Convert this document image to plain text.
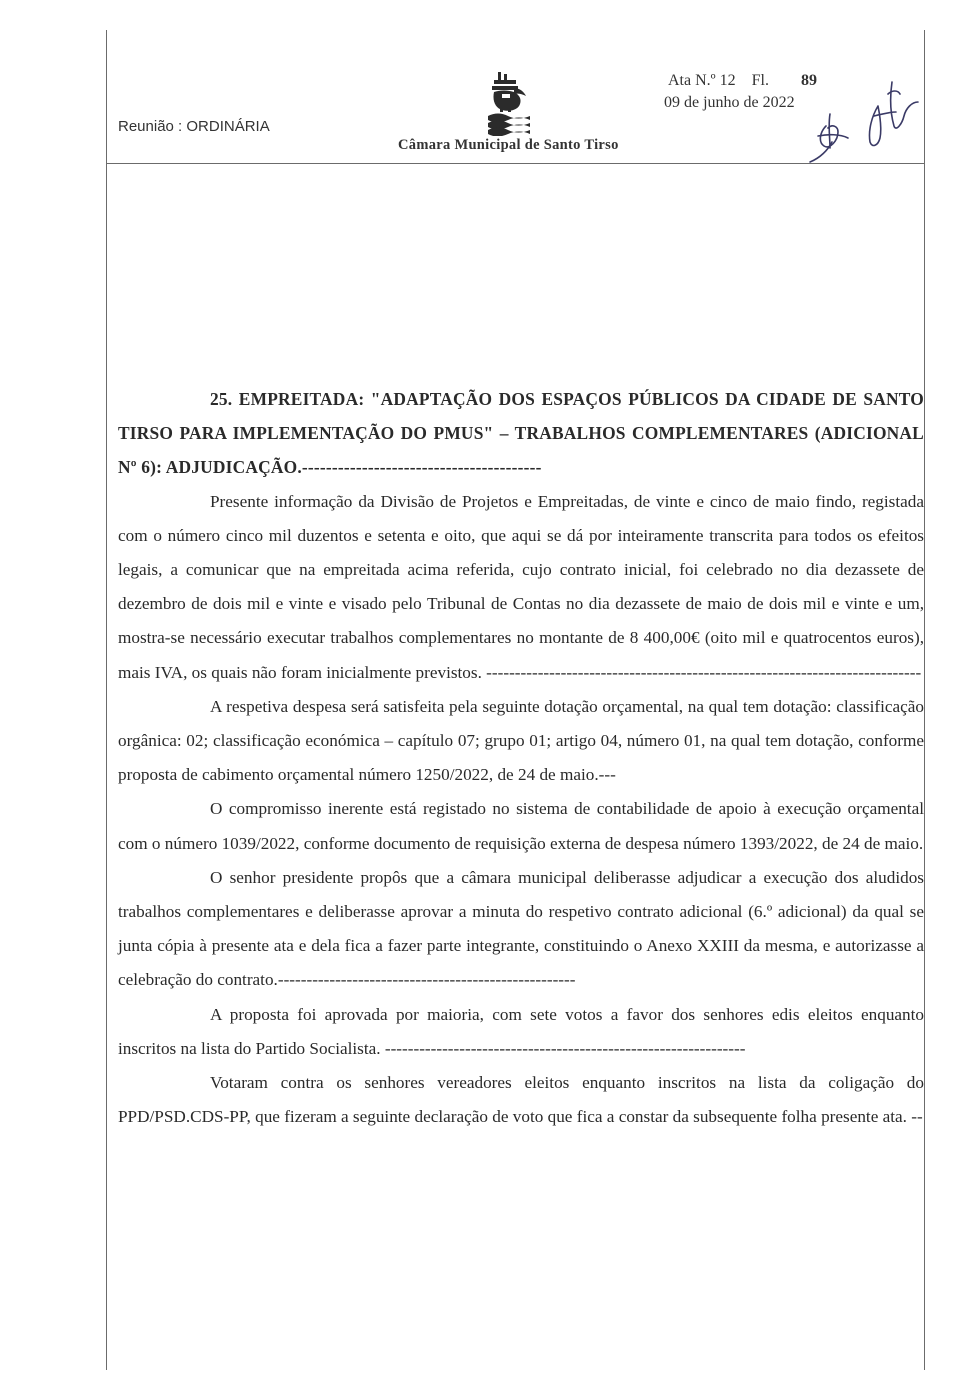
Reunião : ORDINÁRIA
Câmara Municipal de Santo Tirso
Ata N.º 12 Fl. 89
09 de junho de 2022

25. EMPREITADA: "ADAPTAÇÃO DOS ESPAÇOS PÚBLICOS DA CIDADE DE SANTO TIRSO PARA IMPLEMENTAÇÃO DO PMUS" – TRABALHOS COMPLEMENTARES (ADICIONAL Nº 6): ADJUDICAÇÃO.----------------------------------------

Presente informação da Divisão de Projetos e Empreitadas, de vinte e cinco de maio findo, registada com o número cinco mil duzentos e setenta e oito, que aqui se dá por inteiramente transcrita para todos os efeitos legais, a comunicar que na empreitada acima referida, cujo contrato inicial, foi celebrado no dia dezassete de dezembro de dois mil e vinte e visado pelo Tribunal de Contas no dia dezassete de maio de dois mil e vinte e um, mostra-se necessário executar trabalhos complementares no montante de 8 400,00€ (oito mil e quatrocentos euros), mais IVA, os quais não foram inicialmente previstos. ----------------------------------------------------------------------------

A respetiva despesa será satisfeita pela seguinte dotação orçamental, na qual tem dotação: classificação orgânica: 02; classificação económica – capítulo 07; grupo 01; artigo 04, número 01, na qual tem dotação, conforme proposta de cabimento orçamental número 1250/2022, de 24 de maio.---

O compromisso inerente está registado no sistema de contabilidade de apoio à execução orçamental com o número 1039/2022, conforme documento de requisição externa de despesa número 1393/2022, de 24 de maio.

O senhor presidente propôs que a câmara municipal deliberasse adjudicar a execução dos aludidos trabalhos complementares e deliberasse aprovar a minuta do respetivo contrato adicional (6.º adicional) da qual se junta cópia à presente ata e dela fica a fazer parte integrante, constituindo o Anexo XXIII da mesma, e autorizasse a celebração do contrato.----------------------------------------------------

A proposta foi aprovada por maioria, com sete votos a favor dos senhores edis eleitos enquanto inscritos na lista do Partido Socialista. ---------------------------------------------------------------

Votaram contra os senhores vereadores eleitos enquanto inscritos na lista da coligação do PPD/PSD.CDS-PP, que fizeram a seguinte declaração de voto que fica a constar da subsequente folha presente ata. --
